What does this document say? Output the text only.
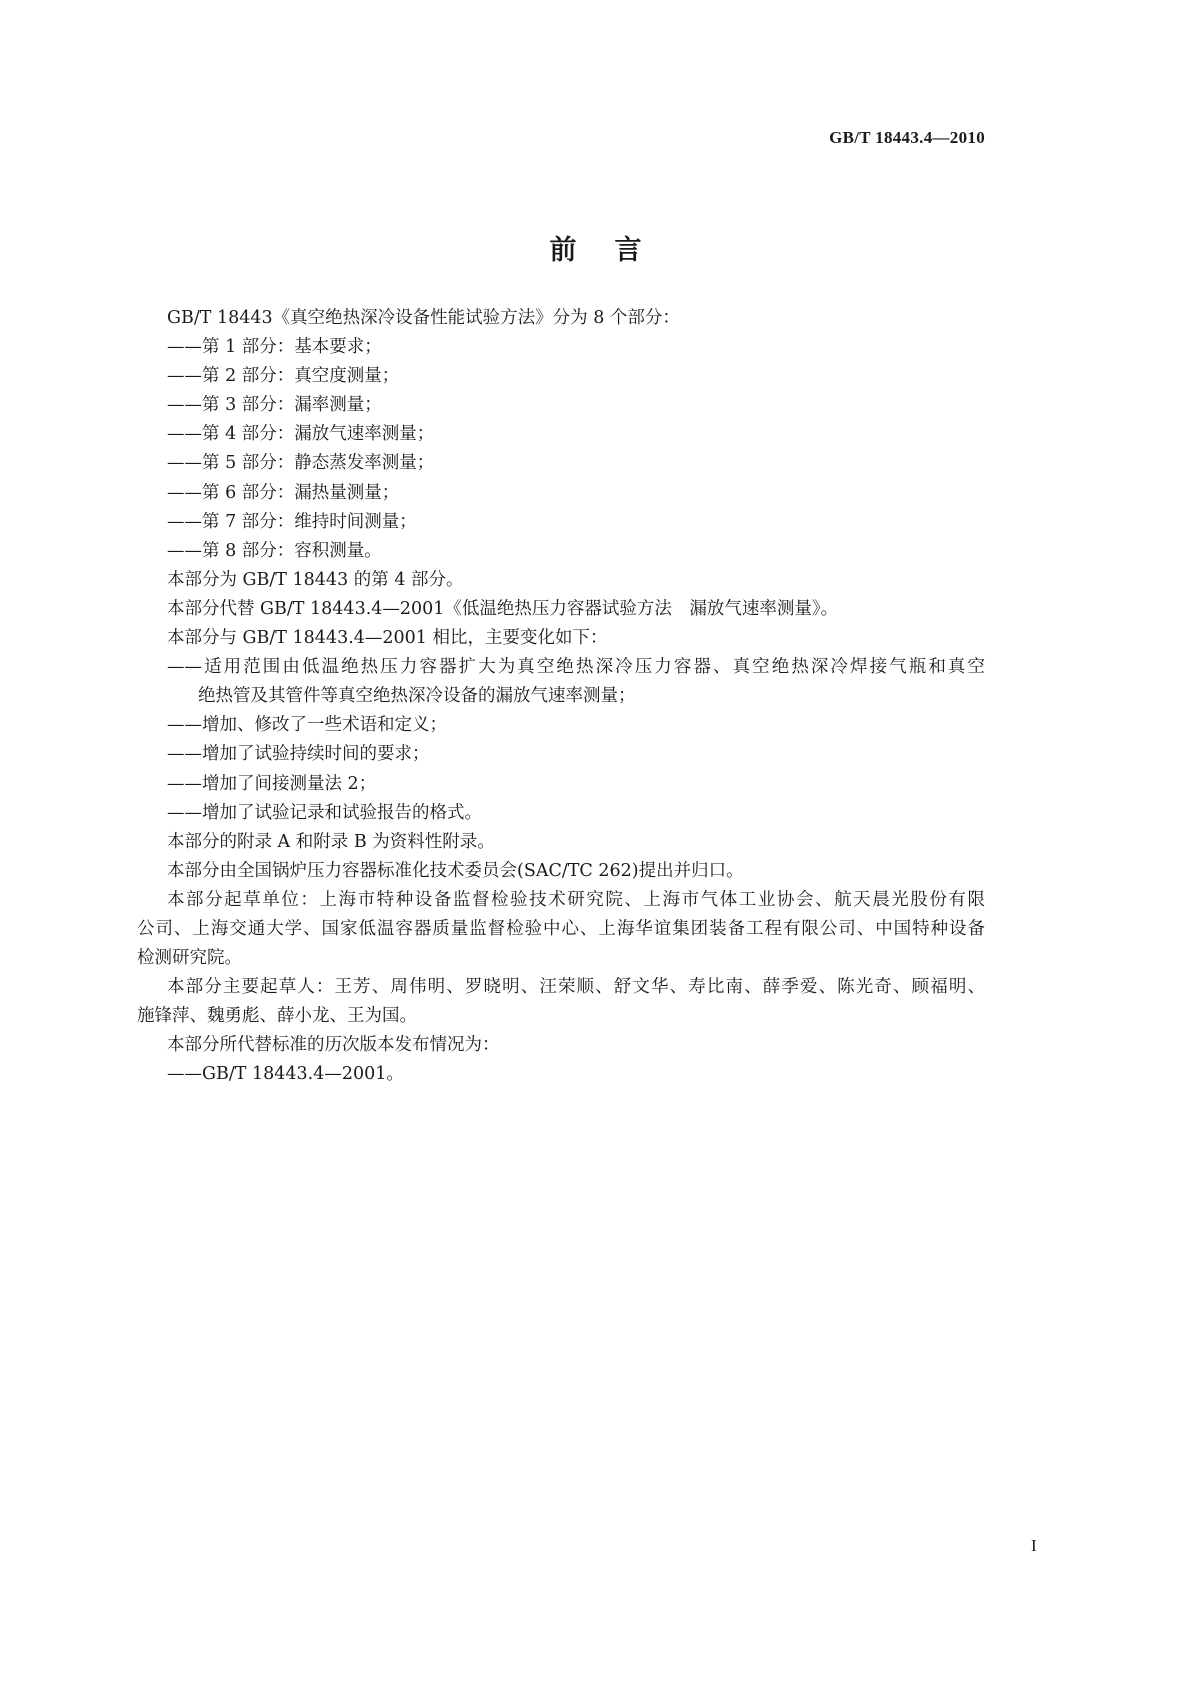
GB/T 18443.4—2010
前言
GB/T 18443《真空绝热深冷设备性能试验方法》分为 8 个部分：
——第 1 部分：基本要求；
——第 2 部分：真空度测量；
——第 3 部分：漏率测量；
——第 4 部分：漏放气速率测量；
——第 5 部分：静态蒸发率测量；
——第 6 部分：漏热量测量；
——第 7 部分：维持时间测量；
——第 8 部分：容积测量。
本部分为 GB/T 18443 的第 4 部分。
本部分代替 GB/T 18443.4—2001《低温绝热压力容器试验方法　漏放气速率测量》。
本部分与 GB/T 18443.4—2001 相比，主要变化如下：
——适用范围由低温绝热压力容器扩大为真空绝热深冷压力容器、真空绝热深冷焊接气瓶和真空
绝热管及其管件等真空绝热深冷设备的漏放气速率测量；
——增加、修改了一些术语和定义；
——增加了试验持续时间的要求；
——增加了间接测量法 2；
——增加了试验记录和试验报告的格式。
本部分的附录 A 和附录 B 为资料性附录。
本部分由全国锅炉压力容器标准化技术委员会(SAC/TC 262)提出并归口。
本部分起草单位：上海市特种设备监督检验技术研究院、上海市气体工业协会、航天晨光股份有限
公司、上海交通大学、国家低温容器质量监督检验中心、上海华谊集团装备工程有限公司、中国特种设备
检测研究院。
本部分主要起草人：王芳、周伟明、罗晓明、汪荣顺、舒文华、寿比南、薛季爱、陈光奇、顾福明、
施锋萍、魏勇彪、薛小龙、王为国。
本部分所代替标准的历次版本发布情况为：
——GB/T 18443.4—2001。
I
